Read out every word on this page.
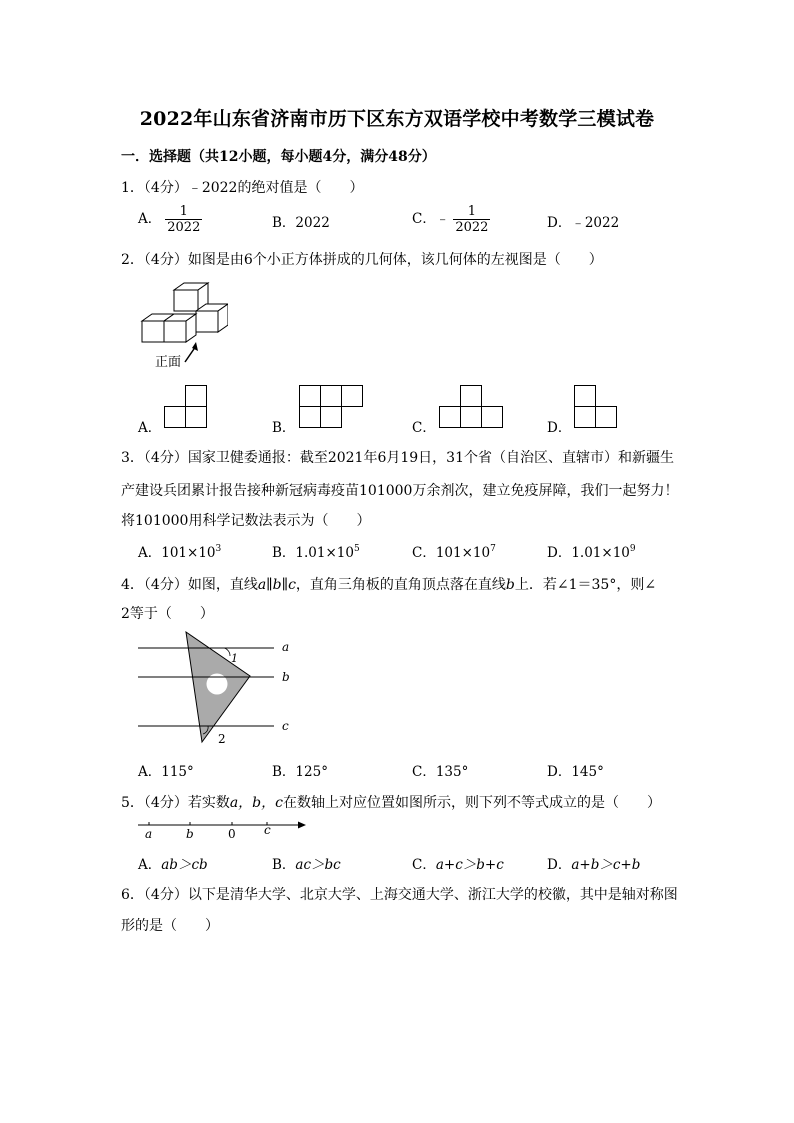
2022年山东省济南市历下区东方双语学校中考数学三模试卷
一．选择题（共12小题，每小题4分，满分48分）
1．（4分）﹣2022的绝对值是（　　）
A． $\frac{1}{2022}$	B．2022	C．﹣ $\frac{1}{2022}$	D．﹣2022
2．（4分）如图是由6个小正方体拼成的几何体，该几何体的左视图是（　　）
正面
A．	B．	C．	D．
3．（4分）国家卫健委通报：截至2021年6月19日，31个省（自治区、直辖市）和新疆生
产建设兵团累计报告接种新冠病毒疫苗101000万余剂次，建立免疫屏障，我们一起努力！
将101000用科学记数法表示为（　　）
A．$101\times 10^3$	B．$1.01\times 10^5$	C．$101\times 10^7$	D．$1.01\times 10^9$
4．（4分）如图，直线a∥b∥c，直角三角板的直角顶点落在直线b上．若∠1＝35°，则∠
2等于（　　）
1
2
a
b
c
A．115°	B．125°	C．135°	D．145°
5．（4分）若实数a，b，c在数轴上对应位置如图所示，则下列不等式成立的是（　　）
a	b	0 c
A．ab＞cb	B．ac＞bc	C．a+c＞b+c	D．a+b＞c+b
6．（4分）以下是清华大学、北京大学、上海交通大学、浙江大学的校徽，其中是轴对称图
形的是（　　）
